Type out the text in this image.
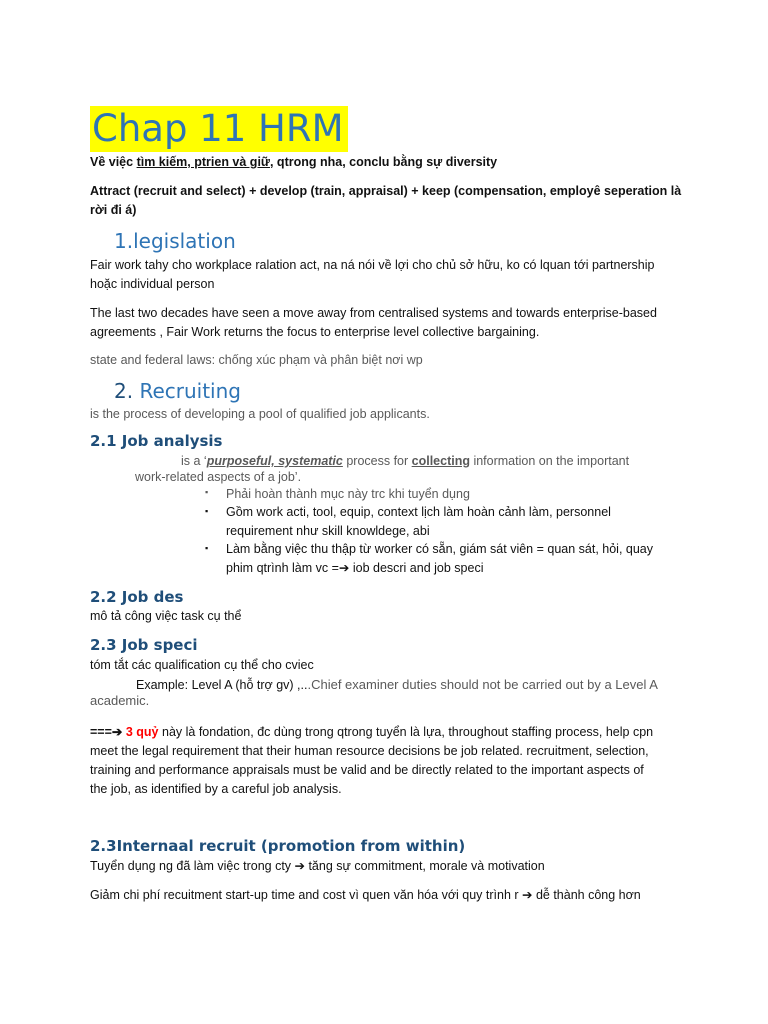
Chap 11 HRM
Về việc tìm kiếm, ptrien và giữ, qtrong nha, conclu bằng sự diversity
Attract (recruit and select) + develop (train, appraisal) + keep (compensation, employê seperation là
rời đi á)
1.legislation
Fair work tahy cho workplace ralation act, na ná nói về lợi cho chủ sở hữu, ko có lquan tới partnership
hoặc individual person
The last two decades have seen a move away from centralised systems and towards enterprise-based
agreements , Fair Work returns the focus to enterprise level collective bargaining.
state and federal laws: chống xúc phạm và phân biệt nơi wp
2. Recruiting
is the process of developing a pool of qualified job applicants.
2.1 Job analysis
is a ‘purposeful, systematic process for collecting information on the important
work-related aspects of a job’.
▪ Phải hoàn thành mục này trc khi tuyển dụng
▪ Gồm work acti, tool, equip, context lịch làm hoàn cảnh làm, personnel
requirement như skill knowldege, abi
▪ Làm bằng việc thu thập từ worker có sẵn, giám sát viên = quan sát, hỏi, quay
phim qtrình làm vc =➔ iob descri and job speci
2.2 Job des
mô tả công việc task cụ thể
2.3 Job speci
tóm tắt các qualification cụ thể cho cviec
Example: Level A (hỗ trợ gv) ,...Chief examiner duties should not be carried out by a Level A
academic.
===➔ 3 quỷ này là fondation, đc dùng trong qtrong tuyển là lựa, throughout staffing process, help cpn
meet the legal requirement that their human resource decisions be job related. recruitment, selection,
training and performance appraisals must be valid and be directly related to the important aspects of
the job, as identified by a careful job analysis.
2.3Internaal recruit (promotion from within)
Tuyển dụng ng đã làm việc trong cty ➔ tăng sự commitment, morale và motivation
Giảm chi phí recuitment start-up time and cost vì quen văn hóa với quy trình r ➔ dễ thành công hơn
